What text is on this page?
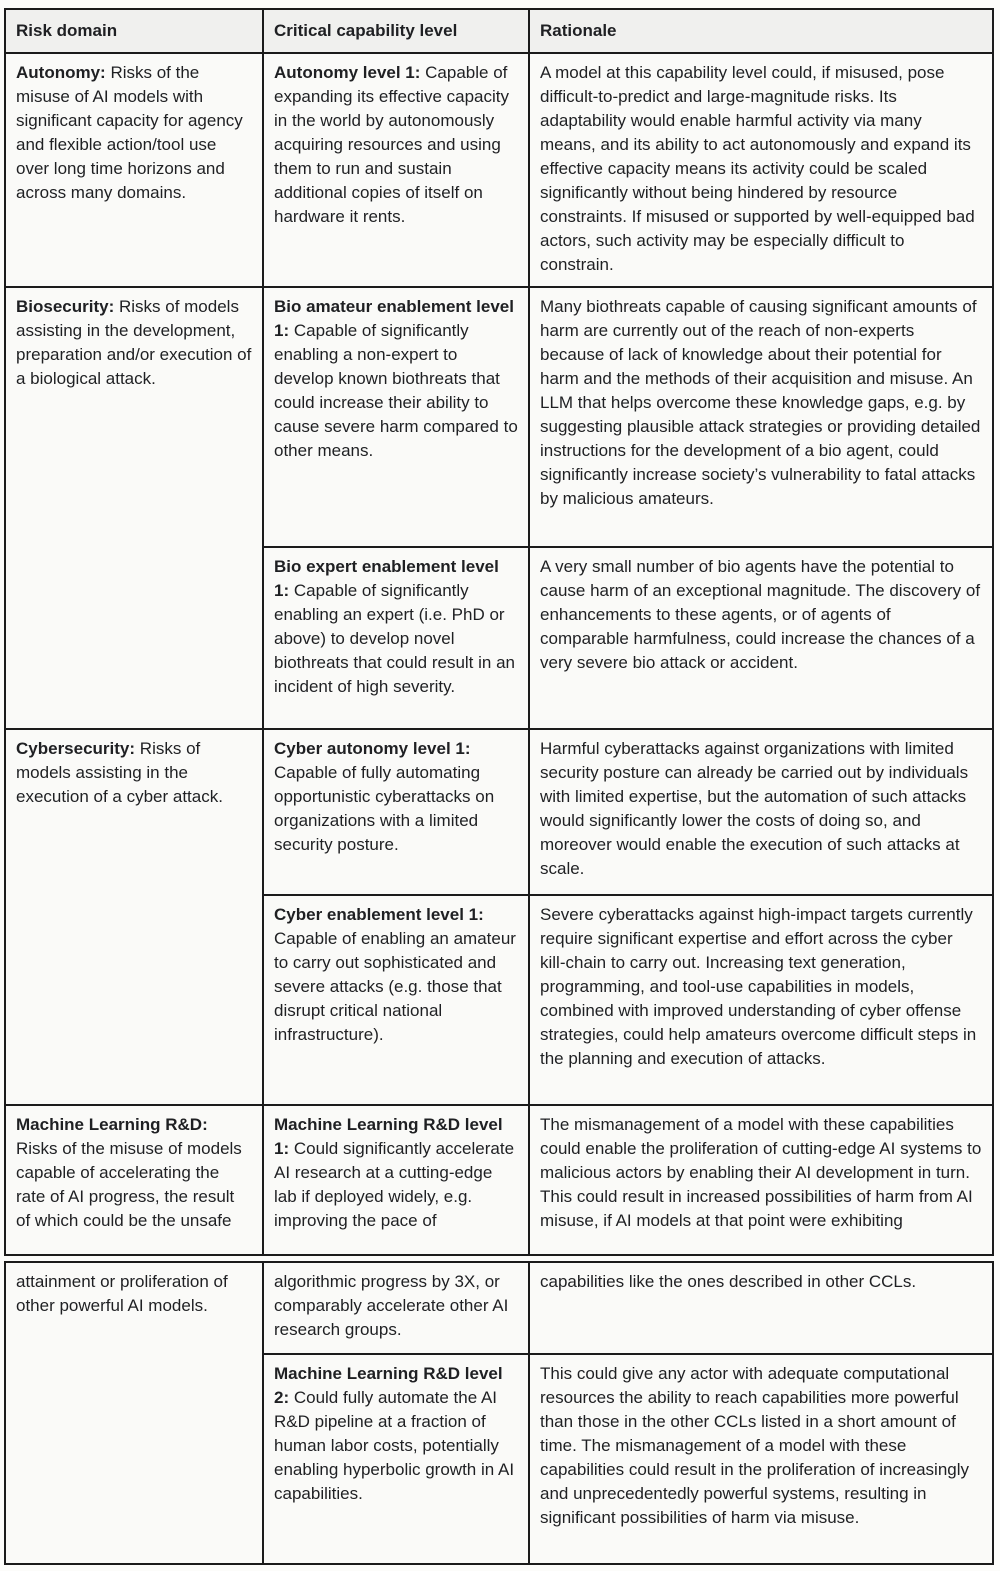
Risk domain	Critical capability level	Rationale
Autonomy: Risks of the misuse of AI models with significant capacity for agency and flexible action/tool use over long time horizons and across many domains.	Autonomy level 1: Capable of expanding its effective capacity in the world by autonomously acquiring resources and using them to run and sustain additional copies of itself on hardware it rents.	A model at this capability level could, if misused, pose difficult-to-predict and large-magnitude risks. Its adaptability would enable harmful activity via many means, and its ability to act autonomously and expand its effective capacity means its activity could be scaled significantly without being hindered by resource constraints. If misused or supported by well-equipped bad actors, such activity may be especially difficult to constrain.
Biosecurity: Risks of models assisting in the development, preparation and/or execution of a biological attack.	Bio amateur enablement level 1: Capable of significantly enabling a non-expert to develop known biothreats that could increase their ability to cause severe harm compared to other means.	Many biothreats capable of causing significant amounts of harm are currently out of the reach of non-experts because of lack of knowledge about their potential for harm and the methods of their acquisition and misuse. An LLM that helps overcome these knowledge gaps, e.g. by suggesting plausible attack strategies or providing detailed instructions for the development of a bio agent, could significantly increase society’s vulnerability to fatal attacks by malicious amateurs.
	Bio expert enablement level 1: Capable of significantly enabling an expert (i.e. PhD or above) to develop novel biothreats that could result in an incident of high severity.	A very small number of bio agents have the potential to cause harm of an exceptional magnitude. The discovery of enhancements to these agents, or of agents of comparable harmfulness, could increase the chances of a very severe bio attack or accident.
Cybersecurity: Risks of models assisting in the execution of a cyber attack.	Cyber autonomy level 1: Capable of fully automating opportunistic cyberattacks on organizations with a limited security posture.	Harmful cyberattacks against organizations with limited security posture can already be carried out by individuals with limited expertise, but the automation of such attacks would significantly lower the costs of doing so, and moreover would enable the execution of such attacks at scale.
	Cyber enablement level 1: Capable of enabling an amateur to carry out sophisticated and severe attacks (e.g. those that disrupt critical national infrastructure).	Severe cyberattacks against high-impact targets currently require significant expertise and effort across the cyber kill-chain to carry out. Increasing text generation, programming, and tool-use capabilities in models, combined with improved understanding of cyber offense strategies, could help amateurs overcome difficult steps in the planning and execution of attacks.
Machine Learning R&D: Risks of the misuse of models capable of accelerating the rate of AI progress, the result of which could be the unsafe	Machine Learning R&D level 1: Could significantly accelerate AI research at a cutting-edge lab if deployed widely, e.g. improving the pace of	The mismanagement of a model with these capabilities could enable the proliferation of cutting-edge AI systems to malicious actors by enabling their AI development in turn. This could result in increased possibilities of harm from AI misuse, if AI models at that point were exhibiting
attainment or proliferation of other powerful AI models.	algorithmic progress by 3X, or comparably accelerate other AI research groups.	capabilities like the ones described in other CCLs.
	Machine Learning R&D level 2: Could fully automate the AI R&D pipeline at a fraction of human labor costs, potentially enabling hyperbolic growth in AI capabilities.	This could give any actor with adequate computational resources the ability to reach capabilities more powerful than those in the other CCLs listed in a short amount of time. The mismanagement of a model with these capabilities could result in the proliferation of increasingly and unprecedentedly powerful systems, resulting in significant possibilities of harm via misuse.
